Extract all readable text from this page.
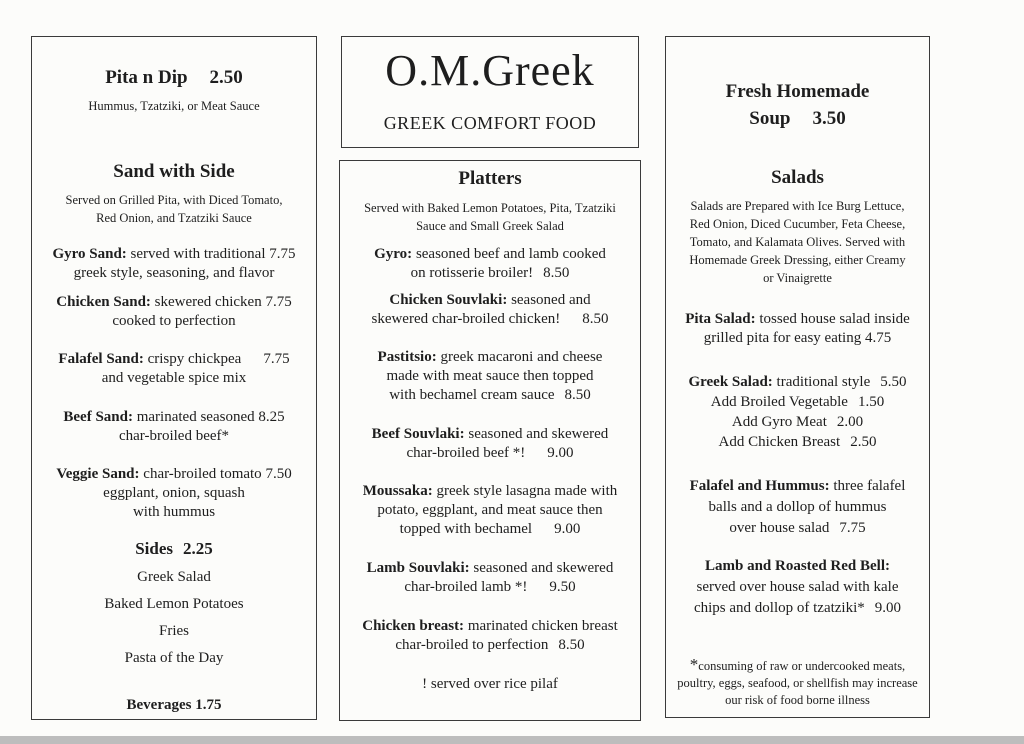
Pita n Dip 2.50

Hummus, Tzatziki, or Meat Sauce

Sand with Side

Served on Grilled Pita, with Diced Tomato,

Red Onion, and Tzatziki Sauce

Gyro Sand: served with traditional 7.75

greek style, seasoning, and flavor

Chicken Sand: skewered chicken 7.75

cooked to perfection

Falafel Sand: crispy chickpea 7.75

and vegetable spice mix

Beef Sand: marinated seasoned 8.25

char-broiled beef*

Veggie Sand: char-broiled tomato 7.50

eggplant, onion, squash

with hummus

Sides 2.25

Greek Salad

Baked Lemon Potatoes

Fries

Pasta of the Day

Beverages 1.75
O.M.Greek
GREEK COMFORT FOOD

Platters

Served with Baked Lemon Potatoes, Pita, Tzatziki

Sauce and Small Greek Salad

Gyro: seasoned beef and lamb cooked

on rotisserie broiler! 8.50

Chicken Souvlaki: seasoned and

skewered char-broiled chicken! 8.50

Pastitsio: greek macaroni and cheese

made with meat sauce then topped

with bechamel cream sauce 8.50

Beef Souvlaki: seasoned and skewered

char-broiled beef *! 9.00

Moussaka: greek style lasagna made with

potato, eggplant, and meat sauce then

topped with bechamel 9.00

Lamb Souvlaki: seasoned and skewered

char-broiled lamb *! 9.50

Chicken breast: marinated chicken breast

char-broiled to perfection 8.50

! served over rice pilaf

Fresh Homemade

Soup 3.50

Salads

Salads are Prepared with Ice Burg Lettuce,

Red Onion, Diced Cucumber, Feta Cheese,

Tomato, and Kalamata Olives. Served with

Homemade Greek Dressing, either Creamy

or Vinaigrette

Pita Salad: tossed house salad inside

grilled pita for easy eating 4.75

Greek Salad: traditional style 5.50

Add Broiled Vegetable 1.50

Add Gyro Meat 2.00

Add Chicken Breast 2.50

Falafel and Hummus: three falafel

balls and a dollop of hummus

over house salad 7.75

Lamb and Roasted Red Bell:

served over house salad with kale

chips and dollop of tzatziki* 9.00

*consuming of raw or undercooked meats,

poultry, eggs, seafood, or shellfish may increase

our risk of food borne illness
